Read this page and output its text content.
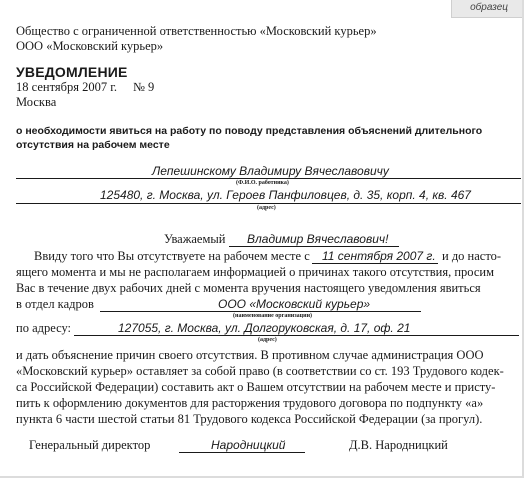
образец
Общество с ограниченной ответственностью «Московский курьер»
ООО «Московский курьер»
УВЕДОМЛЕНИЕ
18 сентября 2007 г. № 9
Москва
о необходимости явиться на работу по поводу представления объяснений длительного отсутствия на рабочем месте
Лепешинскому Владимиру Вячеславовичу
(Ф.И.О. работника)
125480, г. Москва, ул. Героев Панфиловцев, д. 35, корп. 4, кв. 467
(адрес)
Уважаемый Владимир Вячеславович!
Ввиду того что Вы отсутствуете на рабочем месте с 11 сентября 2007 г. и до насто-
ящего момента и мы не располагаем информацией о причинах такого отсутствия, просим
Вас в течение двух рабочих дней с момента вручения настоящего уведомления явиться
в отдел кадров	ООО «Московский курьер»
(наименование организации)
по адресу:	127055, г. Москва, ул. Долгоруковская, д. 17, оф. 21
(адрес)
и дать объяснение причин своего отсутствия. В противном случае администрация ООО
«Московский курьер» оставляет за собой право (в соответствии со ст. 193 Трудового кодек-
са Российской Федерации) составить акт о Вашем отсутствии на рабочем месте и присту-
пить к оформлению документов для расторжения трудового договора по подпункту «а»
пункта 6 части шестой статьи 81 Трудового кодекса Российской Федерации (за прогул).
Генеральный директор	Народницкий	Д.В. Народницкий
